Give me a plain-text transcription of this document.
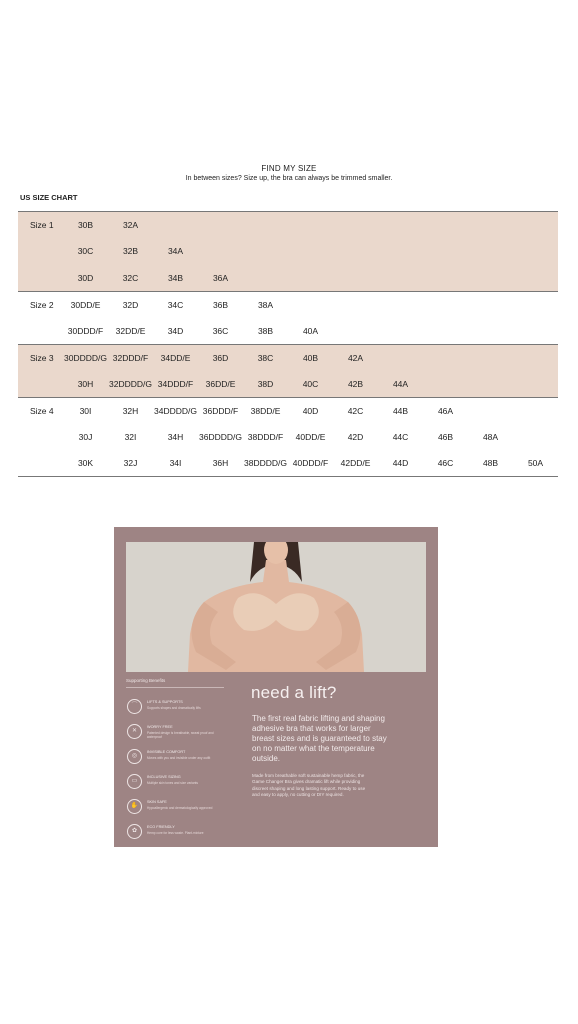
FIND MY SIZE
In between sizes? Size up, the bra can always be trimmed smaller.
US SIZE CHART
Size 1	30B	32A									
	30C	32B	34A								
	30D	32C	34B	36A							
Size 2	30DD/E	32D	34C	36B	38A						
	30DDD/F	32DD/E	34D	36C	38B	40A					
Size 3	30DDDD/G	32DDD/F	34DD/E	36D	38C	40B	42A				
	30H	32DDDD/G	34DDD/F	36DD/E	38D	40C	42B	44A			
Size 4	30I	32H	34DDDD/G	36DDD/F	38DD/E	40D	42C	44B	46A		
	30J	32I	34H	36DDDD/G	38DDD/F	40DD/E	42D	44C	46B	48A	
	30K	32J	34I	36H	38DDDD/G	40DDD/F	42DD/E	44D	46C	48B	50A
Supporting Benefits
⌒
LIFTS & SUPPORTS
Supports shapes and dramatically lifts
✕
WORRY FREE
Patented design is breathable, sweat proof and waterproof
◎
INVISIBLE COMFORT
Moves with you and invisible under any outfit
▭
INCLUSIVE SIZING
Multiple skin tones and size variants
✋
SKIN SAFE
Hypoallergenic and dermatologically approved
✿
ECO FRIENDLY
Hemp core for less waste. Plant-mixture
need a lift?
The first real fabric lifting and shaping adhesive bra that works for larger breast sizes and is guaranteed to stay on no matter what the temperature outside.
Made from breathable soft sustainable hemp fabric, the Game Changer Bra gives dramatic lift while providing discreet shaping and long lasting support. Ready to use and easy to apply, no cutting or DIY required.
